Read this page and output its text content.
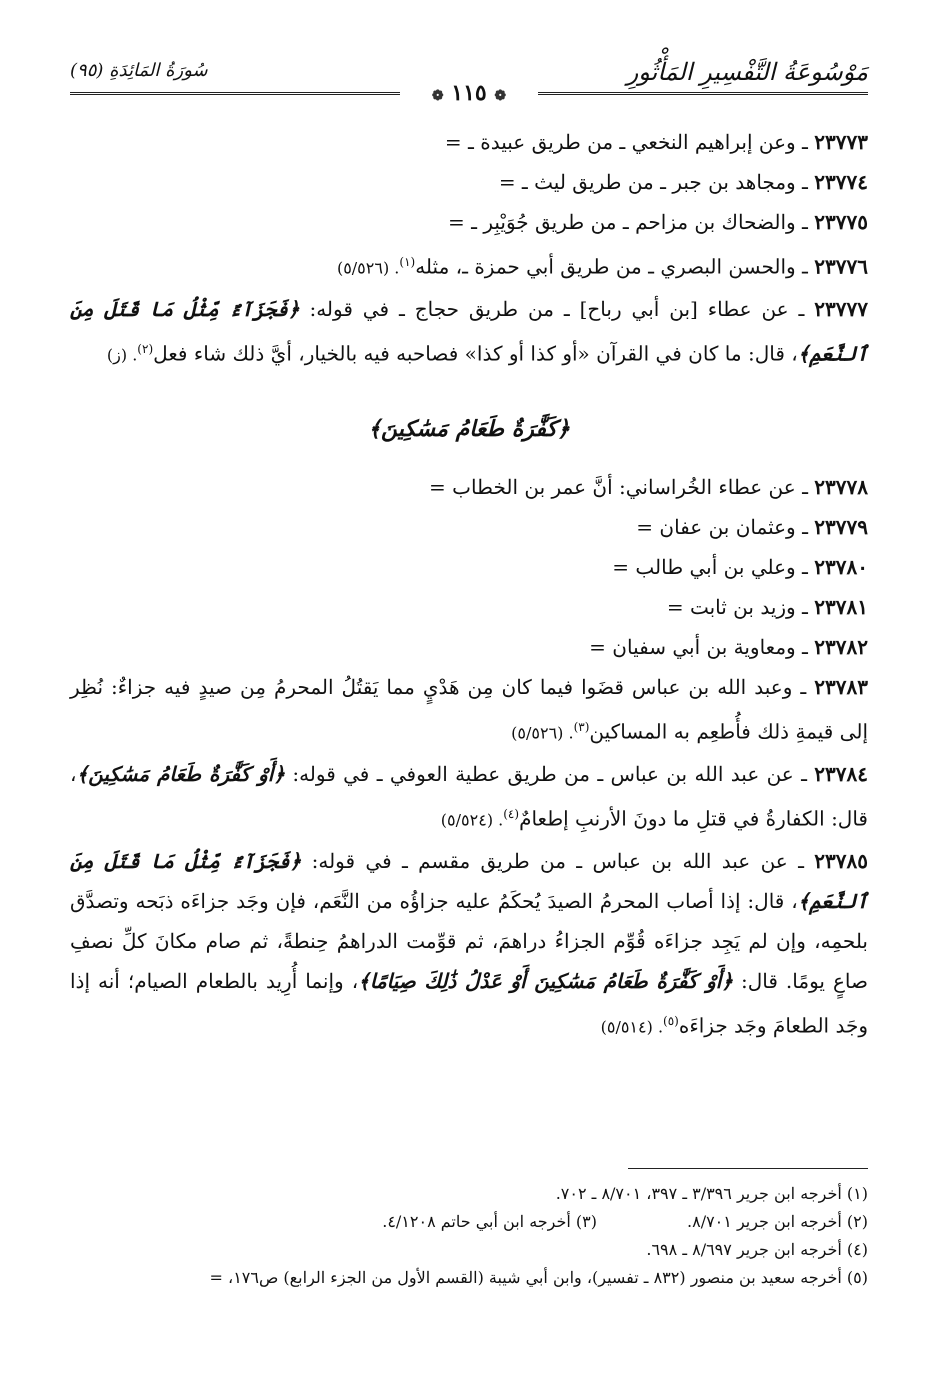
مَوْسُوعَةُ التَّفْسِيرِ المَأْثُورِ
سُورَةُ المَائِدَةِ (٩٥)
❁ ١١٥ ❁

٢٣٧٧٣ ـ وعن إبراهيم النخعي ـ من طريق عبيدة ـ =

٢٣٧٧٤ ـ ومجاهد بن جبر ـ من طريق ليث ـ =

٢٣٧٧٥ ـ والضحاك بن مزاحم ـ من طريق جُوَيْبِر ـ =

٢٣٧٧٦ ـ والحسن البصري ـ من طريق أبي حمزة ـ، مثله$^{(١)}$. (٥/٥٢٦)

٢٣٧٧٧ ـ عن عطاء [بن أبي رباح] ـ من طريق حجاج ـ في قوله: ﴿فَجَزَآءٌ مِّثْلُ مَا قَتَلَ مِنَ ٱلنَّعَمِ﴾، قال: ما كان في القرآن «أو كذا أو كذا» فصاحبه فيه بالخيار، أيَّ ذلك شاء فعل$^{(٢)}$. (ز)

﴿كَفَّٰرَةٌ طَعَامُ مَسَٰكِينَ﴾

٢٣٧٧٨ ـ عن عطاء الخُراساني: أنَّ عمر بن الخطاب =

٢٣٧٧٩ ـ وعثمان بن عفان =

٢٣٧٨٠ ـ وعلي بن أبي طالب =

٢٣٧٨١ ـ وزيد بن ثابت =

٢٣٧٨٢ ـ ومعاوية بن أبي سفيان =

٢٣٧٨٣ ـ وعبد الله بن عباس قضَوا فيما كان مِن هَدْيٍ مما يَقتُلُ المحرمُ مِن صيدٍ فيه جزاءٌ: نُظِر إلى قيمةِ ذلك فأُطعِم به المساكين$^{(٣)}$. (٥/٥٢٦)

٢٣٧٨٤ ـ عن عبد الله بن عباس ـ من طريق عطية العوفي ـ في قوله: ﴿أَوْ كَفَّٰرَةٌ طَعَامُ مَسَٰكِينَ﴾، قال: الكفارةُ في قتلِ ما دونَ الأرنبِ إطعامٌ$^{(٤)}$. (٥/٥٢٤)

٢٣٧٨٥ ـ عن عبد الله بن عباس ـ من طريق مقسم ـ في قوله: ﴿فَجَزَآءٌ مِّثْلُ مَا قَتَلَ مِنَ ٱلنَّعَمِ﴾، قال: إذا أصاب المحرمُ الصيدَ يُحكَمُ عليه جزاؤُه من النَّعَم، فإن وجَد جزاءَه ذبَحه وتصدَّق بلحمِه، وإن لم يَجِد جزاءَه قُوِّم الجزاءُ دراهمَ، ثم قوِّمت الدراهمُ حِنطةً، ثم صام مكانَ كلِّ نصفِ صاعٍ يومًا. قال: ﴿أَوْ كَفَّٰرَةٌ طَعَامُ مَسَٰكِينَ أَوْ عَدْلُ ذَٰلِكَ صِيَامًا﴾، وإنما أُرِيد بالطعام الصيام؛ أنه إذا وجَد الطعامَ وجَد جزاءَه$^{(٥)}$. (٥/٥١٤)

(١) أخرجه ابن جرير ٣/٣٩٦ ـ ٣٩٧، ٨/٧٠١ ـ ٧٠٢.
(٢) أخرجه ابن جرير ٨/٧٠١.
(٣) أخرجه ابن أبي حاتم ٤/١٢٠٨.
(٤) أخرجه ابن جرير ٨/٦٩٧ ـ ٦٩٨.
(٥) أخرجه سعيد بن منصور (٨٣٢ ـ تفسير)، وابن أبي شيبة (القسم الأول من الجزء الرابع) ص١٧٦، =
